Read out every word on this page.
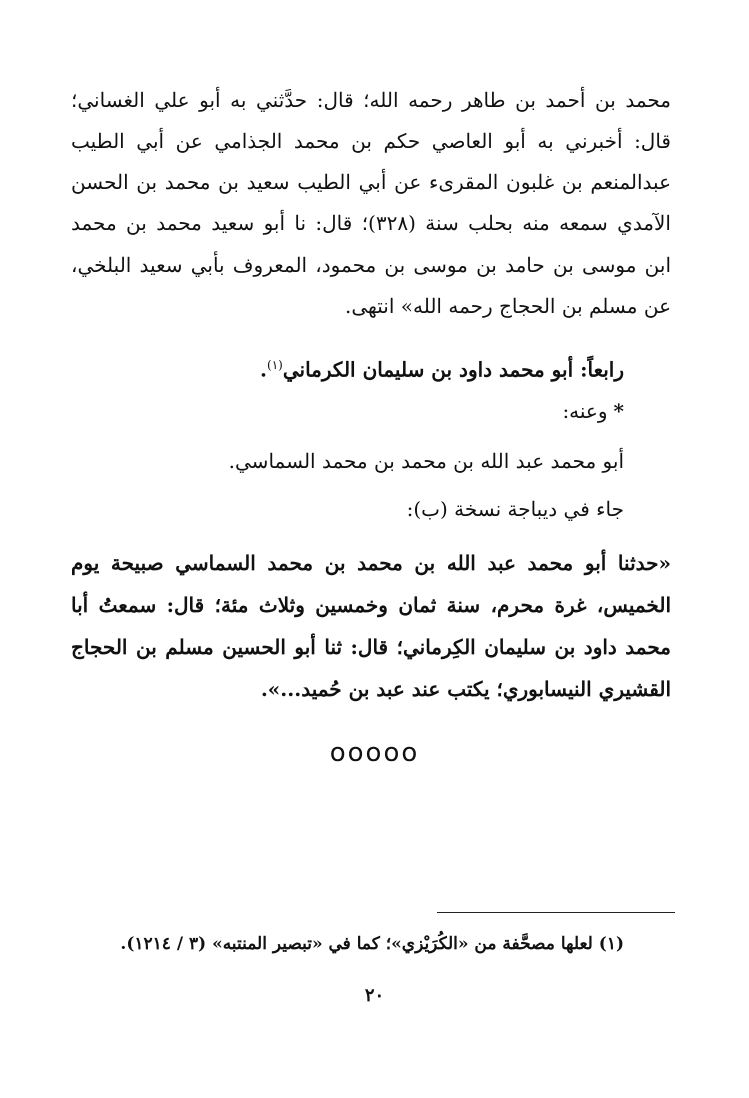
محمد بن أحمد بن طاهر رحمه الله؛ قال: حدَّثني به أبو علي الغساني؛
قال: أخبرني به أبو العاصي حكم بن محمد الجذامي عن أبي الطيب
عبدالمنعم بن غلبون المقرىء عن أبي الطيب سعيد بن محمد بن الحسن
الآمدي سمعه منه بحلب سنة (٣٢٨)؛ قال: نا أبو سعيد محمد بن محمد
ابن موسى بن حامد بن موسى بن محمود، المعروف بأبي سعيد البلخي،
عن مسلم بن الحجاج رحمه الله» انتهى.
رابعاً: أبو محمد داود بن سليمان الكرماني$^{(١)}$.
*وعنه:
أبو محمد عبد الله بن محمد بن محمد السماسي.
جاء في ديباجة نسخة (ب):
«حدثنا أبو محمد عبد الله بن محمد بن محمد السماسي صبيحة يوم
الخميس، غرة محرم، سنة ثمان وخمسين وثلاث مئة؛ قال: سمعتُ أبا
محمد داود بن سليمان الكِرماني؛ قال: ثنا أبو الحسين مسلم بن الحجاج
القشيري النيسابوري؛ يكتب عند عبد بن حُميد...».
ooooo
(١) لعلها مصحَّفة من «الكُرَيْزي»؛ كما في «تبصير المنتبه» (٣ / ١٢١٤).
٢٠
